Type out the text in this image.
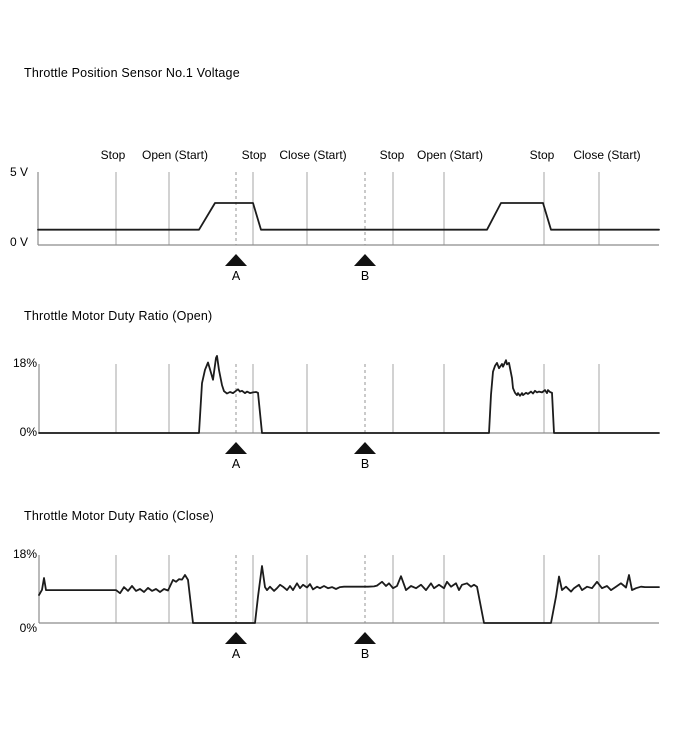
Throttle Position Sensor No.1 Voltage
Throttle Motor Duty Ratio (Open)
Throttle Motor Duty Ratio (Close)
5 V
0 V
18%
0%
18%
0%
A	B
A	B
A	B
Stop Open (Start)	Stop Close (Start)	Stop Open (Start)	Stop Close (Start)
